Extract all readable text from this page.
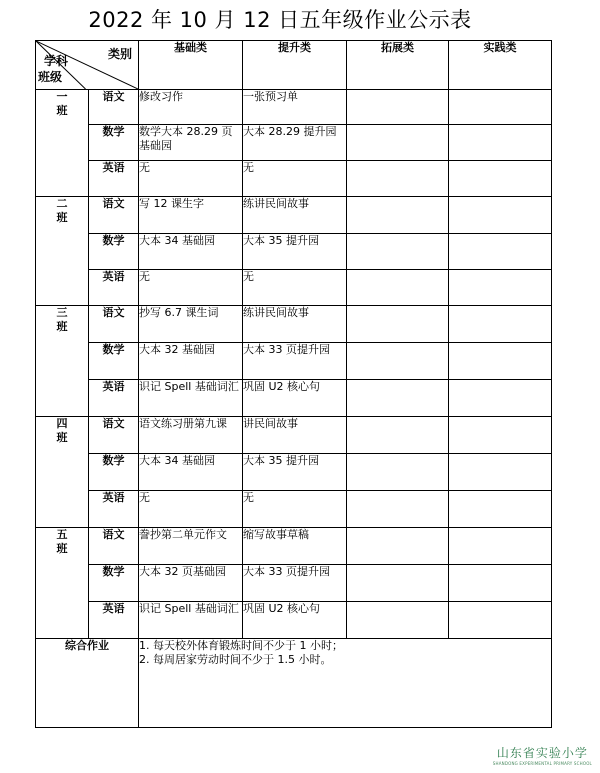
2022 年 10 月 12 日五年级作业公示表
类别
学科
班级		基础类	提升类	拓展类	实践类
一
班	语文	修改习作	一张预习单		
	数学	数学大本 28.29 页基础园	大本 28.29 提升园		
	英语	无	无		
二
班	语文	写 12 课生字	练讲民间故事		
	数学	大本 34 基础园	大本 35 提升园		
	英语	无	无		
三
班	语文	抄写 6.7 课生词	练讲民间故事		
	数学	大本 32 基础园	大本 33 页提升园		
	英语	识记 Spell 基础词汇	巩固 U2 核心句		
四
班	语文	语文练习册第九课	讲民间故事		
	数学	大本 34 基础园	大本 35 提升园		
	英语	无	无		
五
班	语文	誊抄第二单元作文	缩写故事草稿		
	数学	大本 32 页基础园	大本 33 页提升园		
	英语	识记 Spell 基础词汇	巩固 U2 核心句		
综合作业		1. 每天校外体育锻炼时间不少于 1 小时；
2. 每周居家劳动时间不少于 1.5 小时。			
山东省实验小学
SHANDONG EXPERIMENTAL PRIMARY SCHOOL
